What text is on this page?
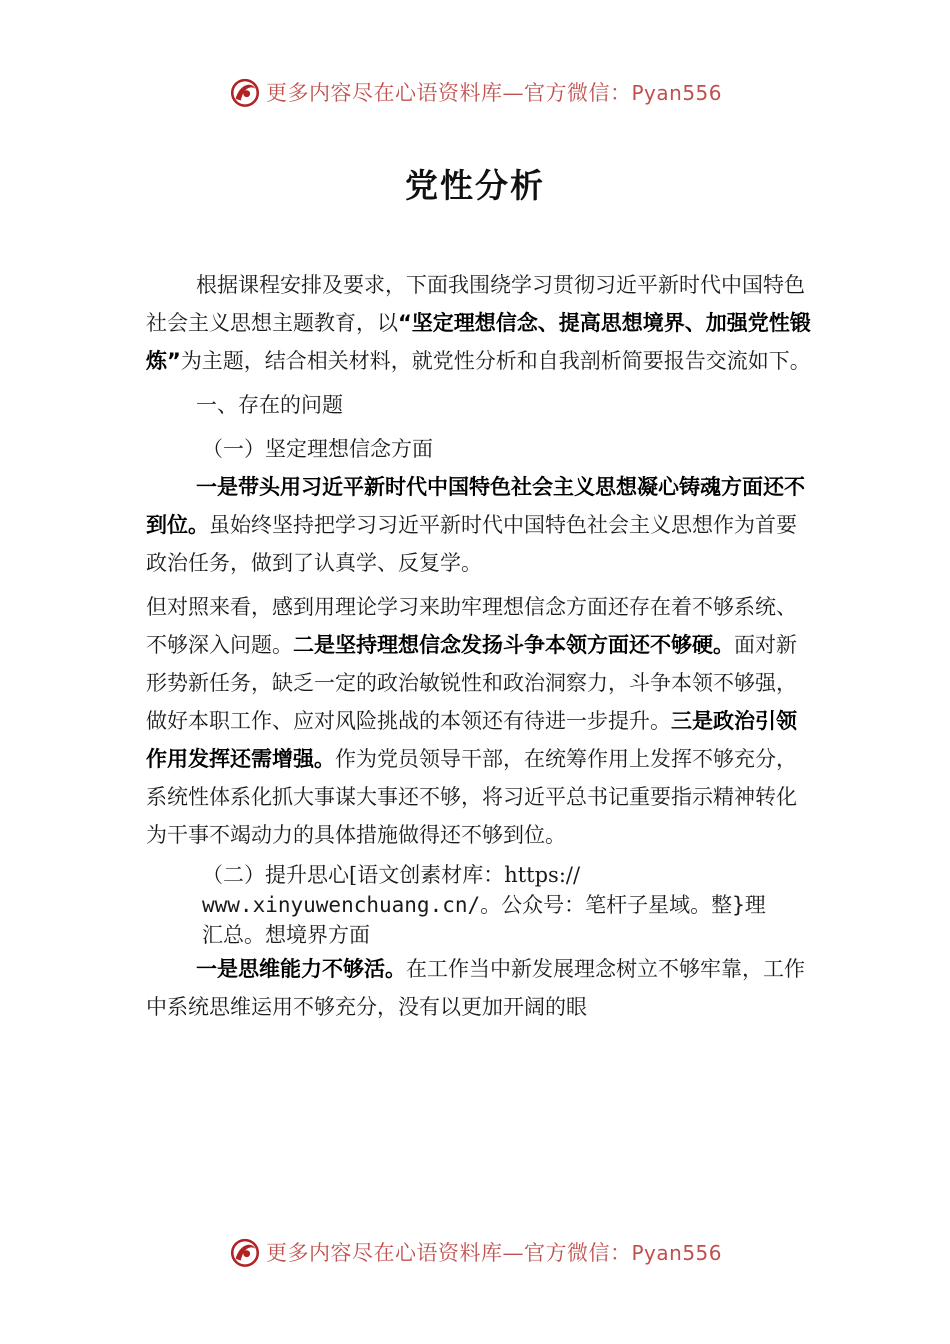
更多内容尽在心语资料库—官方微信：Pyan556
党性分析

根据课程安排及要求，下面我围绕学习贯彻习近平新时代中国特色社会主义思想主题教育，以“坚定理想信念、提高思想境界、加强党性锻炼”为主题，结合相关材料，就党性分析和自我剖析简要报告交流如下。

一、存在的问题

（一）坚定理想信念方面

一是带头用习近平新时代中国特色社会主义思想凝心铸魂方面还不到位。虽始终坚持把学习习近平新时代中国特色社会主义思想作为首要政治任务，做到了认真学、反复学。

但对照来看，感到用理论学习来助牢理想信念方面还存在着不够系统、不够深入问题。二是坚持理想信念发扬斗争本领方面还不够硬。面对新形势新任务，缺乏一定的政治敏锐性和政治洞察力，斗争本领不够强，做好本职工作、应对风险挑战的本领还有待进一步提升。三是政治引领作用发挥还需增强。作为党员领导干部，在统筹作用上发挥不够充分，系统性体系化抓大事谋大事还不够，将习近平总书记重要指示精神转化为干事不竭动力的具体措施做得还不够到位。

（二）提升思心[语文创素材库：https://
www.xinyuwenchuang.cn/。公众号：笔杆子星域。整}理
汇总。想境界方面

一是思维能力不够活。在工作当中新发展理念树立不够牢靠，工作中系统思维运用不够充分，没有以更加开阔的眼

更多内容尽在心语资料库—官方微信：Pyan556
